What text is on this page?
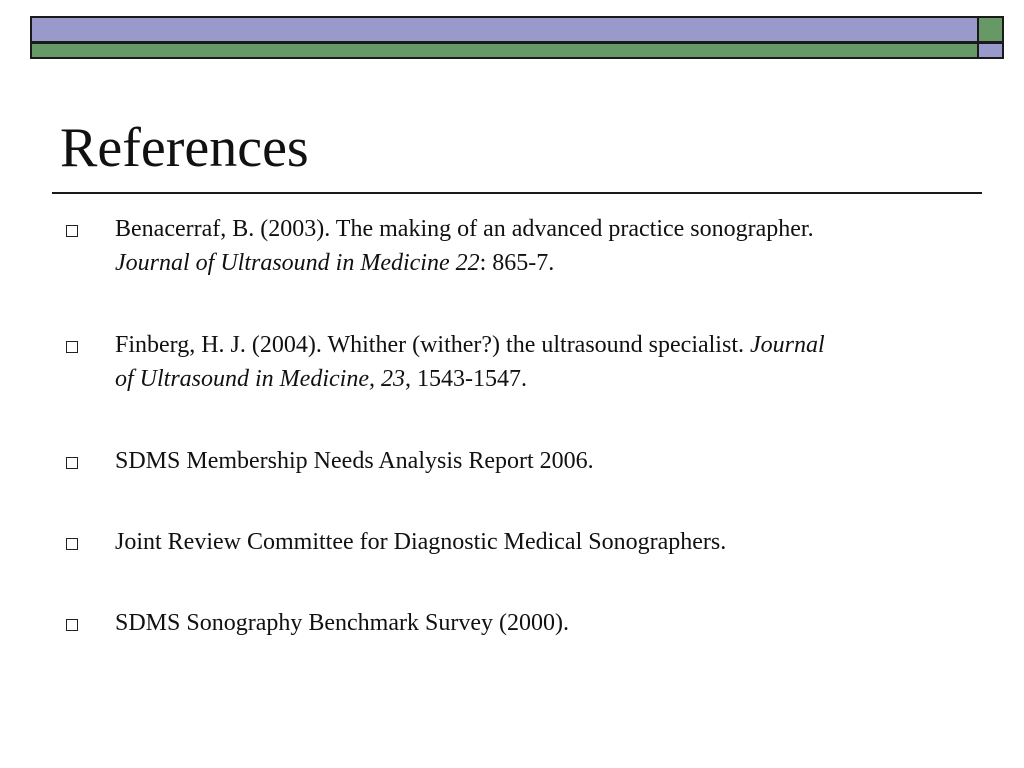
References
Benacerraf, B. (2003). The making of an advanced practice sonographer.
Journal of Ultrasound in Medicine 22: 865-7.
Finberg, H. J. (2004). Whither (wither?) the ultrasound specialist. Journal
of Ultrasound in Medicine, 23, 1543-1547.
SDMS Membership Needs Analysis Report 2006.
Joint Review Committee for Diagnostic Medical Sonographers.
SDMS Sonography Benchmark Survey (2000).
